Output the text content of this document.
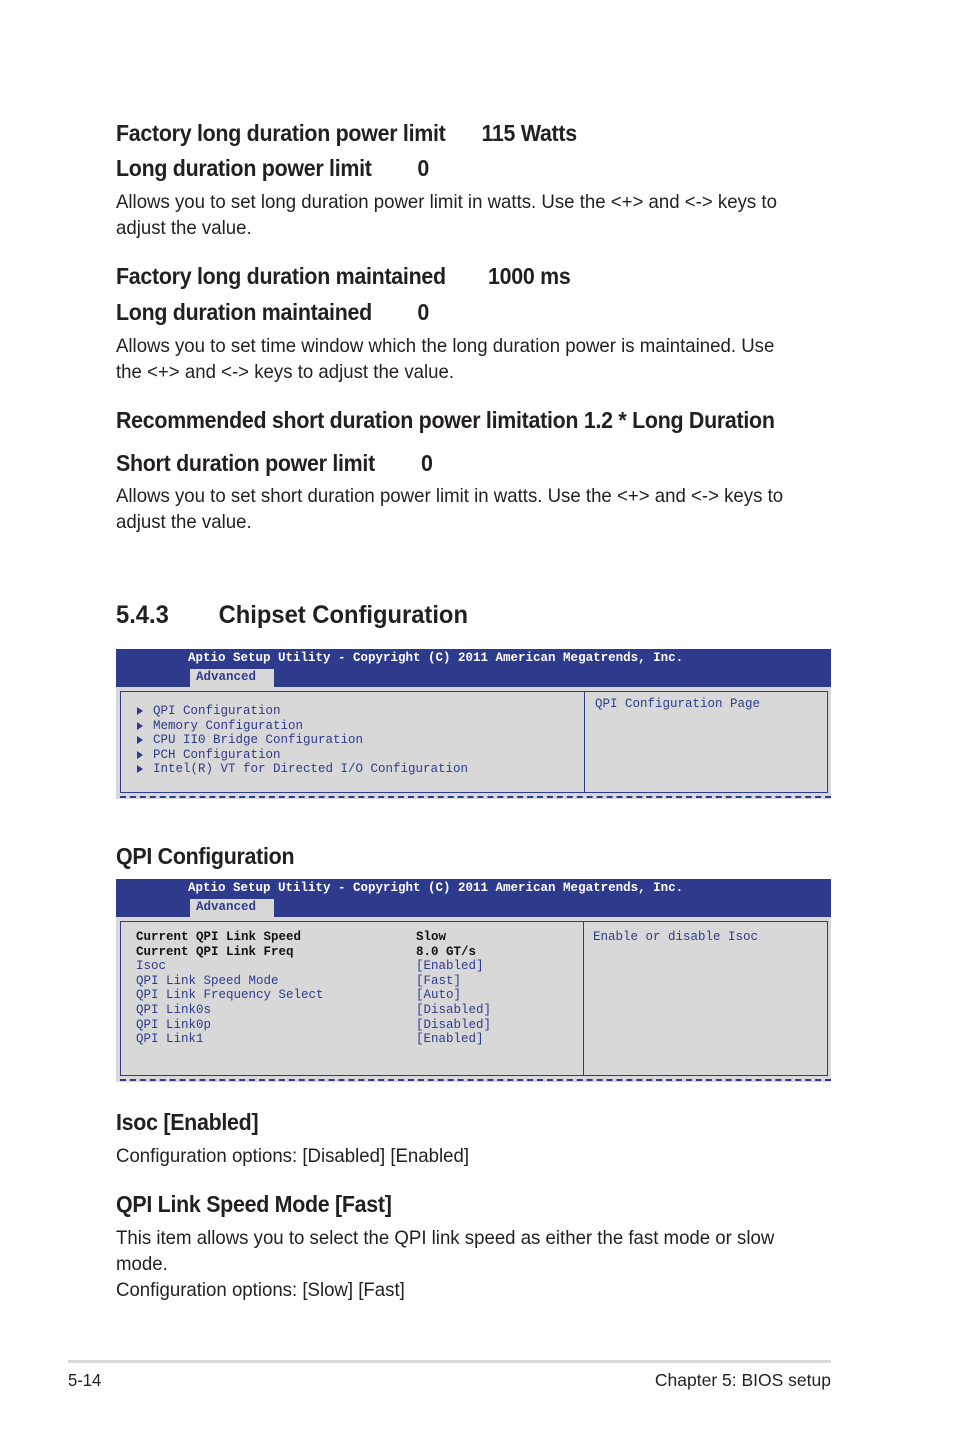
Factory long duration power limit 115 Watts
Long duration power limit 0
Allows you to set long duration power limit in watts. Use the <+> and <-> keys to adjust the value.
Factory long duration maintained 1000 ms
Long duration maintained 0
Allows you to set time window which the long duration power is maintained. Use the <+> and <-> keys to adjust the value.
Recommended short duration power limitation 1.2 * Long Duration
Short duration power limit 0
Allows you to set short duration power limit in watts. Use the <+> and <-> keys to adjust the value.
5.4.3 Chipset Configuration
Aptio Setup Utility - Copyright (C) 2011 American Megatrends, Inc.
Advanced
QPI Configuration
Memory Configuration
CPU II0 Bridge Configuration
PCH Configuration
Intel(R) VT for Directed I/O Configuration
QPI Configuration Page
QPI Configuration
Aptio Setup Utility - Copyright (C) 2011 American Megatrends, Inc.
Advanced
Current QPI Link Speed	Slow
Current QPI Link Freq	8.0 GT/s
Isoc	[Enabled]
QPI Link Speed Mode	[Fast]
QPI Link Frequency Select	[Auto]
QPI Link0s	[Disabled]
QPI Link0p	[Disabled]
QPI Link1	[Enabled]
Enable or disable Isoc
Isoc [Enabled]
Configuration options: [Disabled] [Enabled]
QPI Link Speed Mode [Fast]
This item allows you to select the QPI link speed as either the fast mode or slow mode.
Configuration options: [Slow] [Fast]
5-14	Chapter 5: BIOS setup
